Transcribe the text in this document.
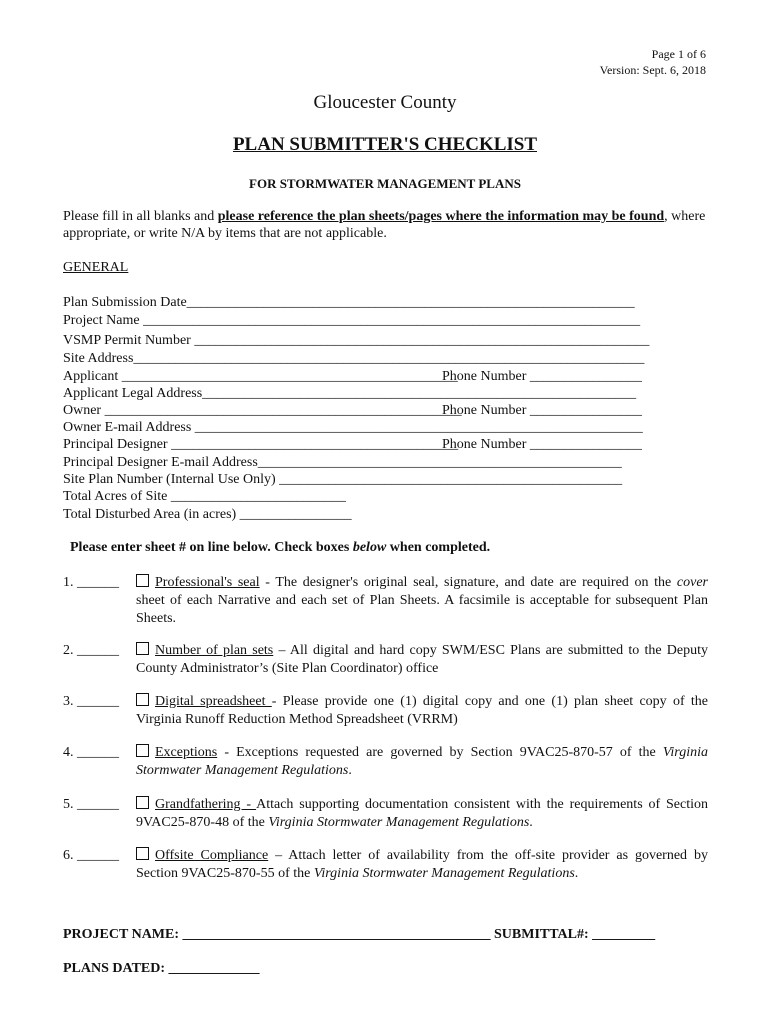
Page 1 of 6
Version: Sept. 6, 2018
Gloucester County
PLAN SUBMITTER'S CHECKLIST
FOR STORMWATER MANAGEMENT PLANS
Please fill in all blanks and please reference the plan sheets/pages where the information may be found, where appropriate, or write N/A by items that are not applicable.
GENERAL
Plan Submission Date________________________________________________________________
Project Name _______________________________________________________________________
VSMP Permit Number _________________________________________________________________
Site Address_________________________________________________________________________
Applicant ________________________________________________
Phone Number ________________
Applicant Legal Address______________________________________________________________
Owner ___________________________________________________
Phone Number ________________
Owner E-mail Address ________________________________________________________________
Principal Designer _________________________________________
Phone Number ________________
Principal Designer E-mail Address____________________________________________________
Site Plan Number (Internal Use Only) _________________________________________________
Total Acres of Site _________________________
Total Disturbed Area (in acres) ________________
Please enter sheet # on line below. Check boxes below when completed.
1. ______	Professional's seal - The designer's original seal, signature, and date are required on the cover sheet of each Narrative and each set of Plan Sheets. A facsimile is acceptable for subsequent Plan Sheets.
2. ______	Number of plan sets – All digital and hard copy SWM/ESC Plans are submitted to the Deputy County Administrator’s (Site Plan Coordinator) office
3. ______	Digital spreadsheet - Please provide one (1) digital copy and one (1) plan sheet copy of the Virginia Runoff Reduction Method Spreadsheet (VRRM)
4. ______	Exceptions - Exceptions requested are governed by Section 9VAC25-870-57 of the Virginia Stormwater Management Regulations.
5. ______	Grandfathering - Attach supporting documentation consistent with the requirements of Section 9VAC25-870-48 of the Virginia Stormwater Management Regulations.
6. ______	Offsite Compliance – Attach letter of availability from the off-site provider as governed by Section 9VAC25-870-55 of the Virginia Stormwater Management Regulations.
PROJECT NAME: ____________________________________________ SUBMITTAL#: _________
PLANS DATED: _____________
